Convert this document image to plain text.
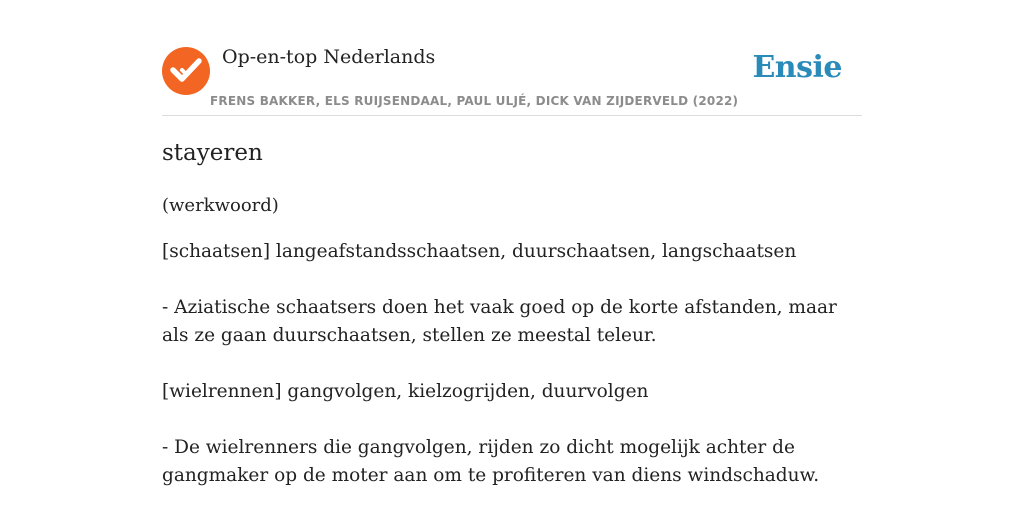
Op-en-top Nederlands
FRENS BAKKER, ELS RUIJSENDAAL, PAUL ULJÉ, DICK VAN ZIJDERVELD (2022)
Ensie
stayeren
(werkwoord)

[schaatsen] langeafstandsschaatsen, duurschaatsen, langschaatsen

- Aziatische schaatsers doen het vaak goed op de korte afstanden, maar als ze gaan duurschaatsen, stellen ze meestal teleur.

[wielrennen] gangvolgen, kielzogrijden, duurvolgen

- De wielrenners die gangvolgen, rijden zo dicht mogelijk achter de gangmaker op de moter aan om te profiteren van diens windschaduw.
